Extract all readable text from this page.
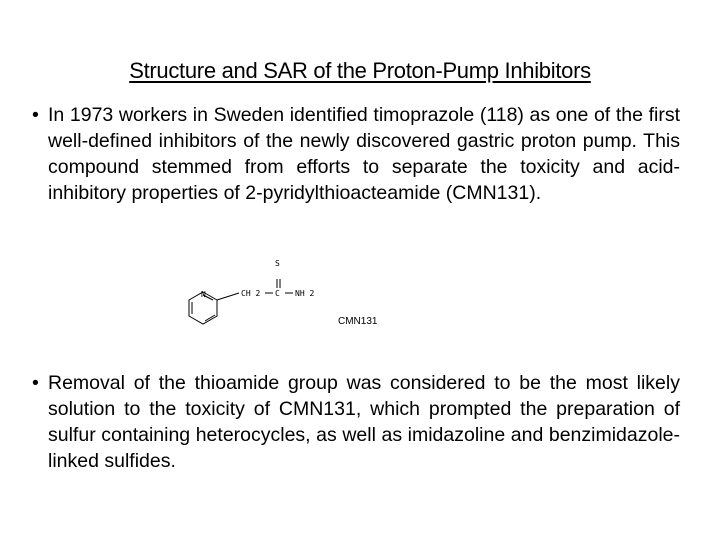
Structure and SAR of the Proton-Pump Inhibitors
• In 1973 workers in Sweden identified timoprazole (118) as one of the first well-defined inhibitors of the newly discovered gastric proton pump. This compound stemmed from efforts to separate the toxicity and acid-inhibitory properties of 2-pyridylthioacteamide (CMN131).
S
N	CH 2 C NH 2
CMN131
• Removal of the thioamide group was considered to be the most likely solution to the toxicity of CMN131, which prompted the preparation of sulfur containing heterocycles, as well as imidazoline and benzimidazole-linked sulfides.
